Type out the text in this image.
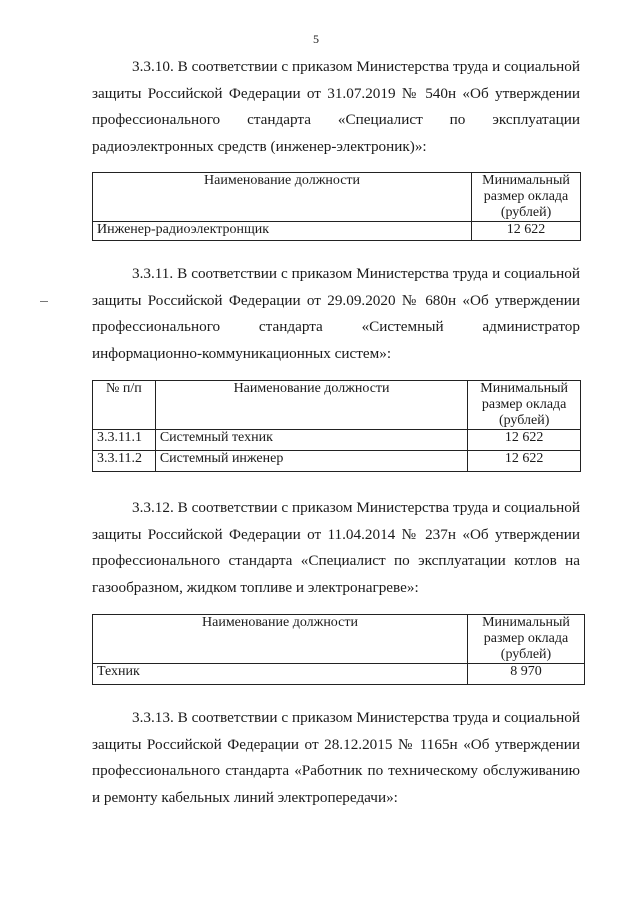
5

3.3.10. В соответствии с приказом Министерства труда и социальной защиты Российской Федерации от 31.07.2019 № 540н «Об утверждении профессионального стандарта «Специалист по эксплуатации радиоэлектронных средств (инженер-электроник)»:

Наименование должности	Минимальный размер оклада (рублей)
Инженер-радиоэлектронщик	12 622

3.3.11. В соответствии с приказом Министерства труда и социальной защиты Российской Федерации от 29.09.2020 № 680н «Об утверждении профессионального стандарта «Системный администратор информационно-коммуникационных систем»:

№ п/п	Наименование должности	Минимальный размер оклада (рублей)
3.3.11.1	Системный техник	12 622
3.3.11.2	Системный инженер	12 622

3.3.12. В соответствии с приказом Министерства труда и социальной защиты Российской Федерации от 11.04.2014 № 237н «Об утверждении профессионального стандарта «Специалист по эксплуатации котлов на газообразном, жидком топливе и электронагреве»:

Наименование должности	Минимальный размер оклада (рублей)
Техник	8 970

3.3.13. В соответствии с приказом Министерства труда и социальной защиты Российской Федерации от 28.12.2015 № 1165н «Об утверждении профессионального стандарта «Работник по техническому обслуживанию и ремонту кабельных линий электропередачи»:
